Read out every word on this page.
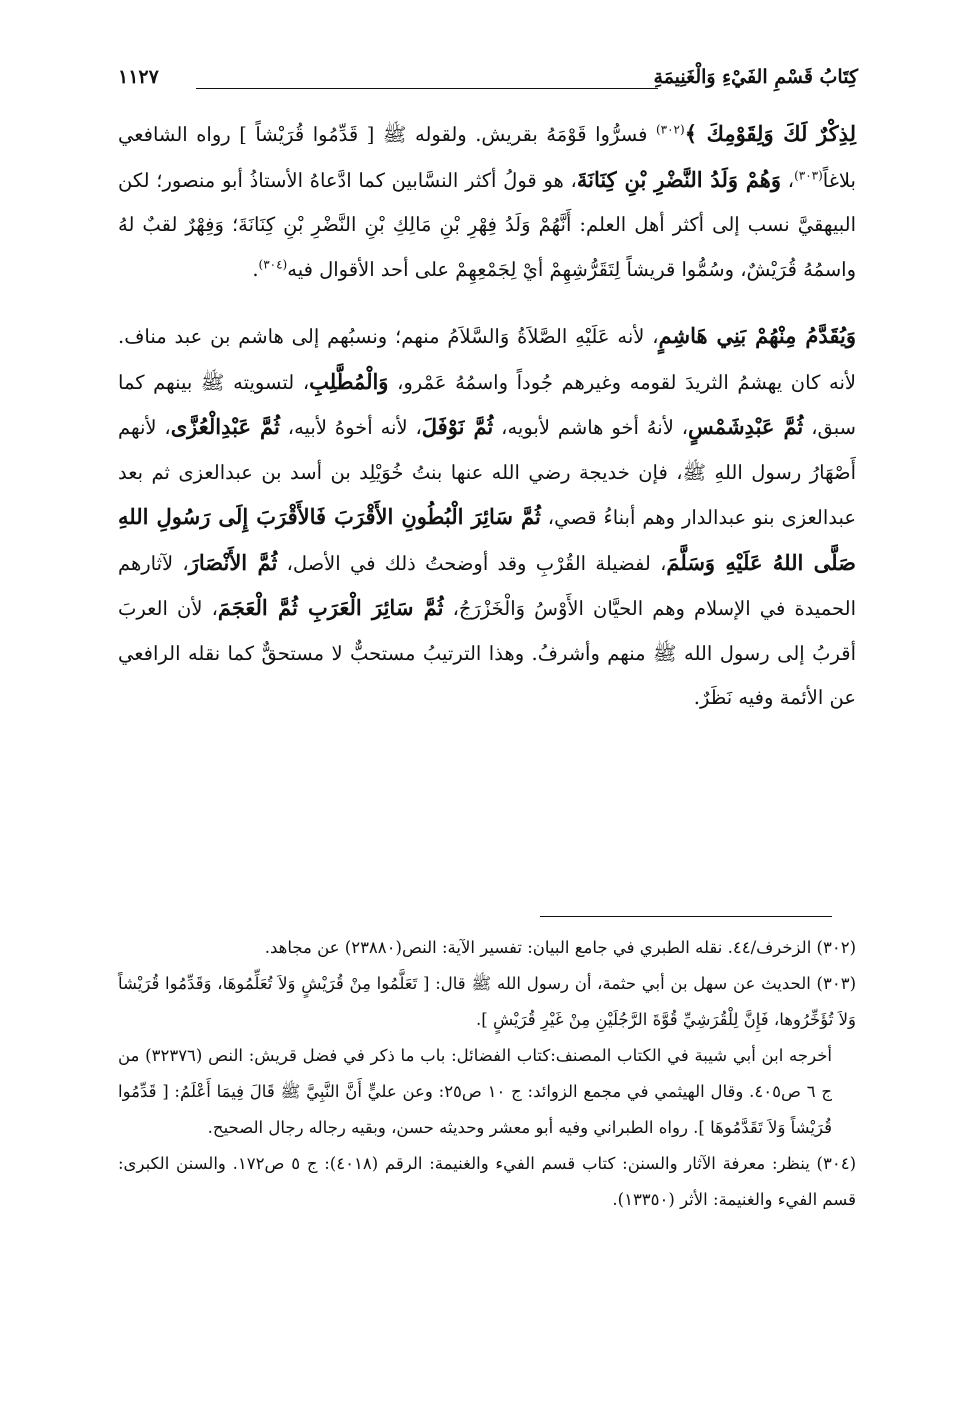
كِتَابُ قَسْمِ الفَيْءِ وَالْغَنِيمَةِ
١١٢٧

لِذِكْرٌ لَكَ وَلِقَوْمِكَ ﴾$^{(٣٠٢)}$ فسرُّوا قَوْمَهُ بقريش. ولقوله ﷺ [ قَدِّمُوا قُرَيْشاً ] رواه الشافعي بلاغاً$^{(٣٠٣)}$، وَهُمْ وَلَدُ النَّضْرِ بْنِ كِنَانَةَ، هو قولُ أكثر النسَّابين كما ادَّعاهُ الأستاذُ أبو منصور؛ لكن البيهقيَّ نسب إلى أكثر أهل العلم: أَنَّهُمْ وَلَدُ فِهْرِ بْنِ مَالِكِ بْنِ النَّضْرِ بْنِ كِنَانَةَ؛ وَفِهْرٌ لقبٌ لهُ واسمُهُ قُرَيْشٌ، وسُمُّوا قريشاً لِتَقَرُّشِهِمْ أيْ لِجَمْعِهِمْ على أحد الأقوال فيه$^{(٣٠٤)}$.

وَيُقَدَّمُ مِنْهُمْ بَنِي هَاشِمٍ، لأنه عَلَيْهِ الصَّلاَةُ وَالسَّلاَمُ منهم؛ ونسبُهم إلى هاشم بن عبد مناف. لأنه كان يهشمُ الثريدَ لقومه وغيرهم جُوداً واسمُهُ عَمْرو، وَالْمُطَّلِبِ، لتسويته ﷺ بينهم كما سبق، ثُمَّ عَبْدِشَمْسٍ، لأنهُ أخو هاشم لأبويه، ثُمَّ نَوْفَلَ، لأنه أخوهُ لأبيه، ثُمَّ عَبْدِالْعُزَّى، لأنهم أَصْهَارُ رسول اللهِ ﷺ، فإن خديجة رضي الله عنها بنتُ خُوَيْلِد بن أسد بن عبدالعزى ثم بعد عبدالعزى بنو عبدالدار وهم أبناءُ قصي، ثُمَّ سَائِرَ الْبُطُونِ الأَقْرَبَ فَالأَقْرَبَ إِلَى رَسُولِ اللهِ صَلَّى اللهُ عَلَيْهِ وَسَلَّمَ، لفضيلة القُرْبِ وقد أوضحتُ ذلك في الأصل، ثُمَّ الأَنْصَارَ، لآثارهم الحميدة في الإسلام وهم الحيَّان الأَوْسُ وَالْخَزْرَجُ، ثُمَّ سَائِرَ الْعَرَبِ ثُمَّ الْعَجَمَ، لأن العربَ أقربُ إلى رسول الله ﷺ منهم وأشرفُ. وهذا الترتيبُ مستحبٌّ لا مستحقٌّ كما نقله الرافعي عن الأئمة وفيه نَظَرٌ.

(٣٠٢) الزخرف/٤٤. نقله الطبري في جامع البيان: تفسير الآية: النص(٢٣٨٨٠) عن مجاهد.

(٣٠٣) الحديث عن سهل بن أبي حثمة، أن رسول الله ﷺ قال: [ تَعَلَّمُوا مِنْ قُرَيْشٍ وَلاَ تُعَلِّمُوهَا، وَقَدِّمُوا قُرَيْشاً وَلاَ تُؤَخِّرُوها، فَإِنَّ لِلْقُرَشِيِّ قُوَّةَ الرَّجُلَيْنِ مِنْ غَيْرِ قُرَيْشٍ ].

أخرجه ابن أبي شيبة في الكتاب المصنف:كتاب الفضائل: باب ما ذكر في فضل قريش: النص (٣٢٣٧٦) من ج ٦ ص٤٠٥. وقال الهيثمي في مجمع الزوائد: ج ١٠ ص٢٥: وعن عليٍّ أَنَّ النَّبِيَّ ﷺ قَالَ فِيمَا أَعْلَمُ: [ قَدِّمُوا قُرَيْشاً وَلاَ تَقَدَّمُوهَا ]. رواه الطبراني وفيه أبو معشر وحديثه حسن، وبقيه رجاله رجال الصحيح.

(٣٠٤) ينظر: معرفة الآثار والسنن: كتاب قسم الفيء والغنيمة: الرقم (٤٠١٨): ج ٥ ص١٧٢. والسنن الكبرى: قسم الفيء والغنيمة: الأثر (١٣٣٥٠).
